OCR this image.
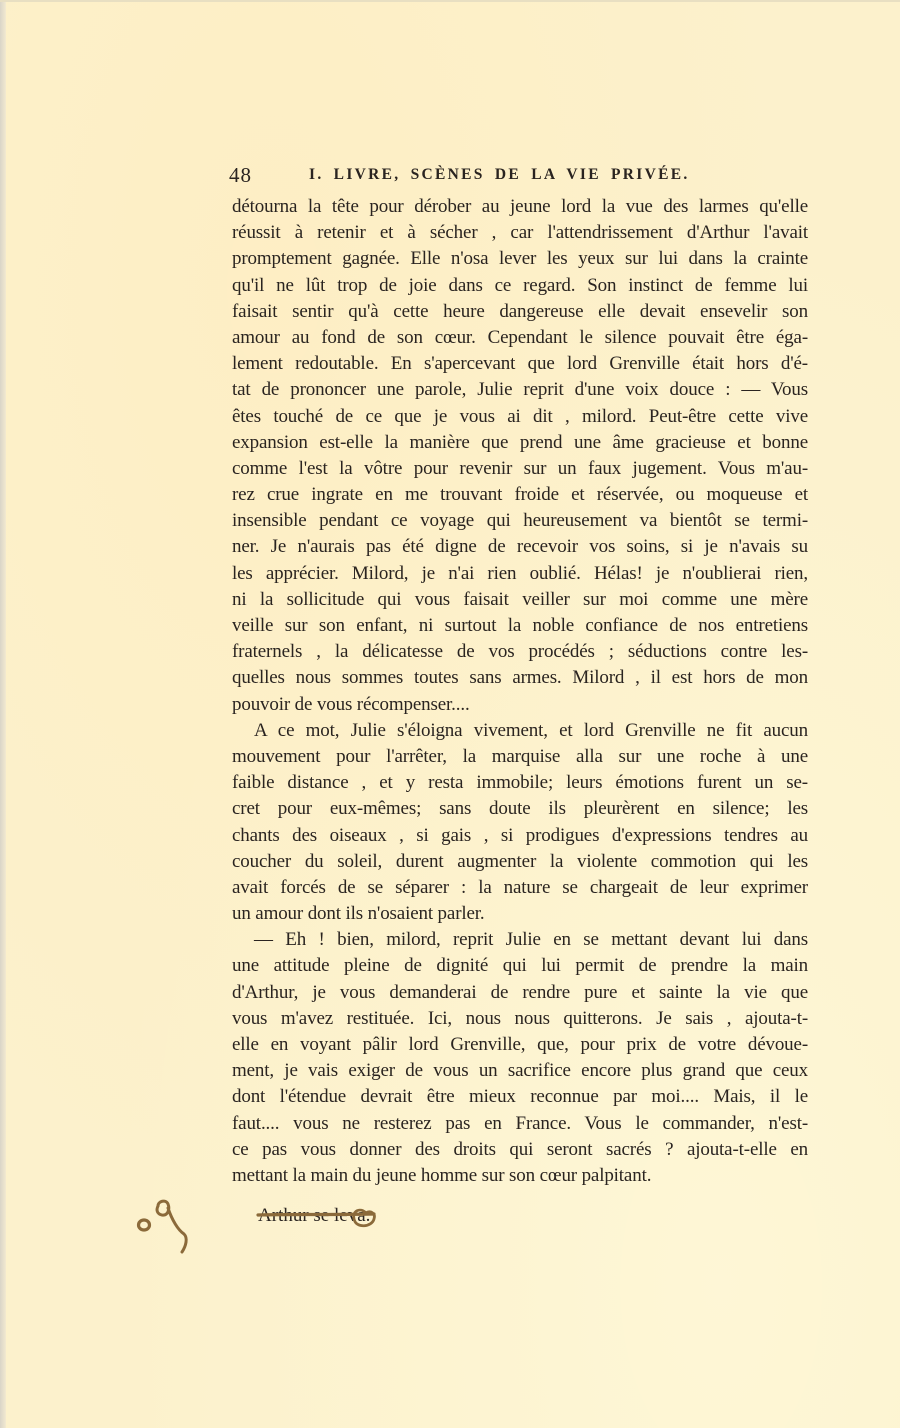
48	I. LIVRE, SCÈNES DE LA VIE PRIVÉE.
détourna la tête pour dérober au jeune lord la vue des larmes qu'elle
réussit à retenir et à sécher , car l'attendrissement d'Arthur l'avait
promptement gagnée. Elle n'osa lever les yeux sur lui dans la crainte
qu'il ne lût trop de joie dans ce regard. Son instinct de femme lui
faisait sentir qu'à cette heure dangereuse elle devait ensevelir son
amour au fond de son cœur. Cependant le silence pouvait être éga-
lement redoutable. En s'apercevant que lord Grenville était hors d'é-
tat de prononcer une parole, Julie reprit d'une voix douce : — Vous
êtes touché de ce que je vous ai dit , milord. Peut-être cette vive
expansion est-elle la manière que prend une âme gracieuse et bonne
comme l'est la vôtre pour revenir sur un faux jugement. Vous m'au-
rez crue ingrate en me trouvant froide et réservée, ou moqueuse et
insensible pendant ce voyage qui heureusement va bientôt se termi-
ner. Je n'aurais pas été digne de recevoir vos soins, si je n'avais su
les apprécier. Milord, je n'ai rien oublié. Hélas! je n'oublierai rien,
ni la sollicitude qui vous faisait veiller sur moi comme une mère
veille sur son enfant, ni surtout la noble confiance de nos entretiens
fraternels , la délicatesse de vos procédés ; séductions contre les-
quelles nous sommes toutes sans armes. Milord , il est hors de mon
pouvoir de vous récompenser....
A ce mot, Julie s'éloigna vivement, et lord Grenville ne fit aucun
mouvement pour l'arrêter, la marquise alla sur une roche à une
faible distance , et y resta immobile; leurs émotions furent un se-
cret pour eux-mêmes; sans doute ils pleurèrent en silence; les
chants des oiseaux , si gais , si prodigues d'expressions tendres au
coucher du soleil, durent augmenter la violente commotion qui les
avait forcés de se séparer : la nature se chargeait de leur exprimer
un amour dont ils n'osaient parler.
— Eh ! bien, milord, reprit Julie en se mettant devant lui dans
une attitude pleine de dignité qui lui permit de prendre la main
d'Arthur, je vous demanderai de rendre pure et sainte la vie que
vous m'avez restituée. Ici, nous nous quitterons. Je sais , ajouta-t-
elle en voyant pâlir lord Grenville, que, pour prix de votre dévoue-
ment, je vais exiger de vous un sacrifice encore plus grand que ceux
dont l'étendue devrait être mieux reconnue par moi.... Mais, il le
faut.... vous ne resterez pas en France. Vous le commander, n'est-
ce pas vous donner des droits qui seront sacrés ? ajouta-t-elle en
mettant la main du jeune homme sur son cœur palpitant.
Arthur se leva.
